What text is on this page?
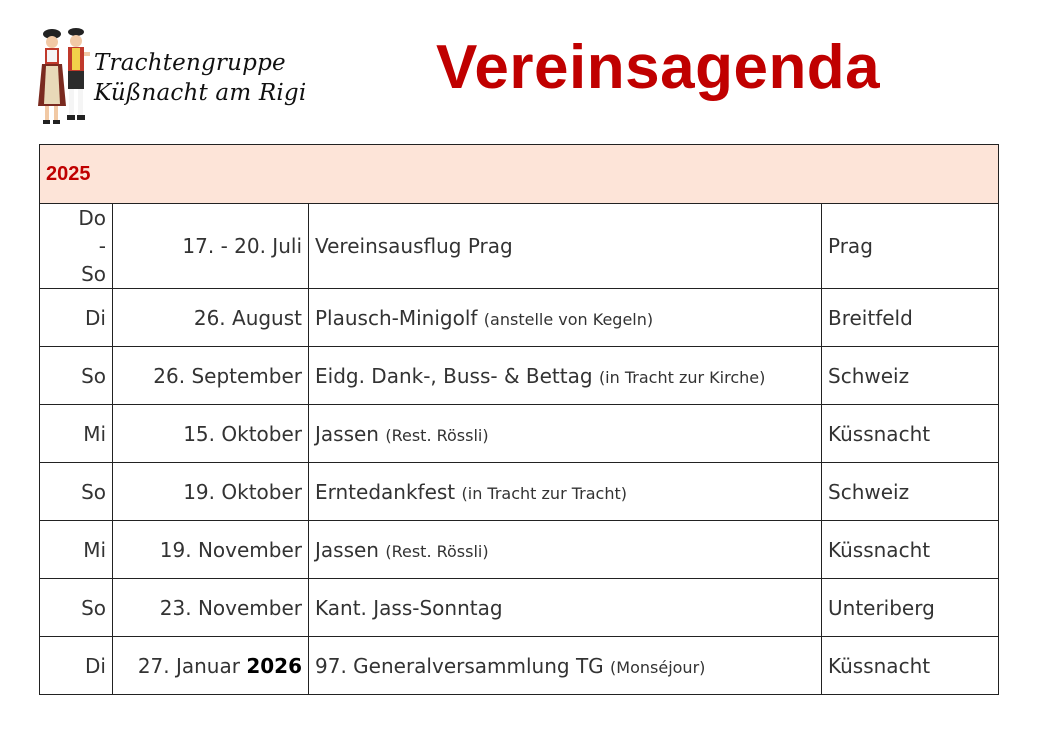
Trachtengruppe
Küßnacht am Rigi Vereinsagenda
2025			

Do
-
So	17. - 20. Juli	Vereinsausflug Prag	Prag
Di	26. August	Plausch-Minigolf (anstelle von Kegeln)	Breitfeld
So	26. September	Eidg. Dank-, Buss- & Bettag (in Tracht zur Kirche)	Schweiz
Mi	15. Oktober	Jassen (Rest. Rössli)	Küssnacht
So	19. Oktober	Erntedankfest (in Tracht zur Tracht)	Schweiz
Mi	19. November	Jassen (Rest. Rössli)	Küssnacht
So	23. November	Kant. Jass-Sonntag	Unteriberg
Di	27. Januar 2026	97. Generalversammlung TG (Monséjour)	Küssnacht
